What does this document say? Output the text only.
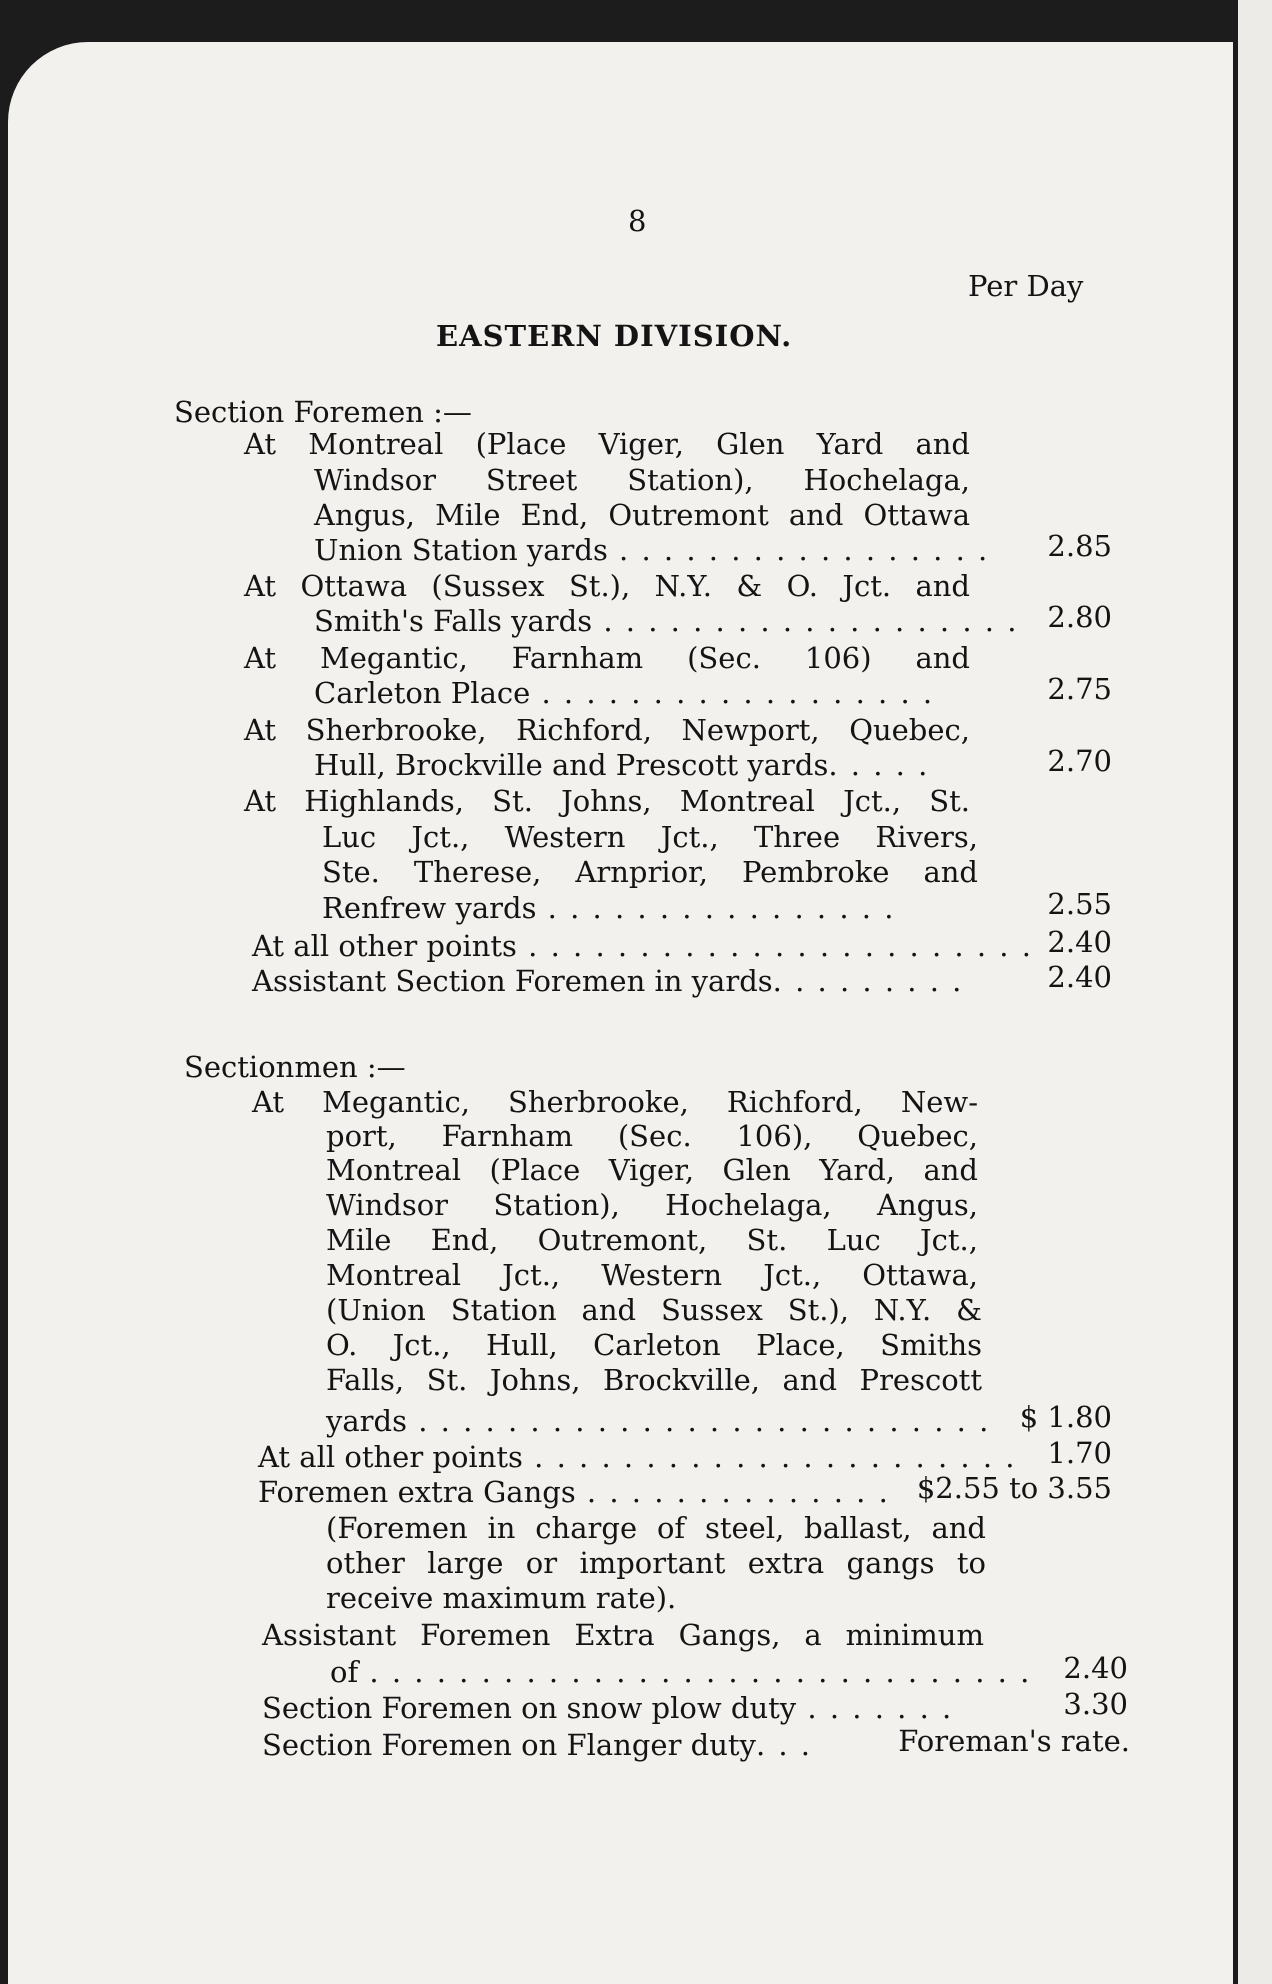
8
Per Day
EASTERN DIVISION.
Section Foremen :—
At Montreal (Place Viger, Glen Yard and
Windsor Street Station), Hochelaga,
Angus, Mile End, Outremont and Ottawa
Union Station yards . . . . . . . . . . . . . . . . .	2.85
At Ottawa (Sussex St.), N.Y. & O. Jct. and
Smith's Falls yards . . . . . . . . . . . . . . . . . . .	2.80
At Megantic, Farnham (Sec. 106) and
Carleton Place . . . . . . . . . . . . . . . . . .	2.75
At Sherbrooke, Richford, Newport, Quebec,
Hull, Brockville and Prescott yards. . . . .	2.70
At Highlands, St. Johns, Montreal Jct., St.
Luc Jct., Western Jct., Three Rivers,
Ste. Therese, Arnprior, Pembroke and
Renfrew yards . . . . . . . . . . . . . . . .	2.55
At all other points . . . . . . . . . . . . . . . . . . . . . . . 2.40
Assistant Section Foremen in yards. . . . . . . . .	2.40
Sectionmen :—
At Megantic, Sherbrooke, Richford, New-
port, Farnham (Sec. 106), Quebec,
Montreal (Place Viger, Glen Yard, and
Windsor Station), Hochelaga, Angus,
Mile End, Outremont, St. Luc Jct.,
Montreal Jct., Western Jct., Ottawa,
(Union Station and Sussex St.), N.Y. &
O. Jct., Hull, Carleton Place, Smiths
Falls, St. Johns, Brockville, and Prescott
yards . . . . . . . . . . . . . . . . . . . . . . . . . .	$ 1.80
At all other points . . . . . . . . . . . . . . . . . . . . . .	1.70
Foremen extra Gangs . . . . . . . . . . . . . . $2.55 to 3.55
(Foremen in charge of steel, ballast, and
other large or important extra gangs to
receive maximum rate).
Assistant Foremen Extra Gangs, a minimum
of . . . . . . . . . . . . . . . . . . . . . . . . . . . . . .	2.40
Section Foremen on snow plow duty . . . . . . .	3.30
Section Foremen on Flanger duty. . .	Foreman's rate.
